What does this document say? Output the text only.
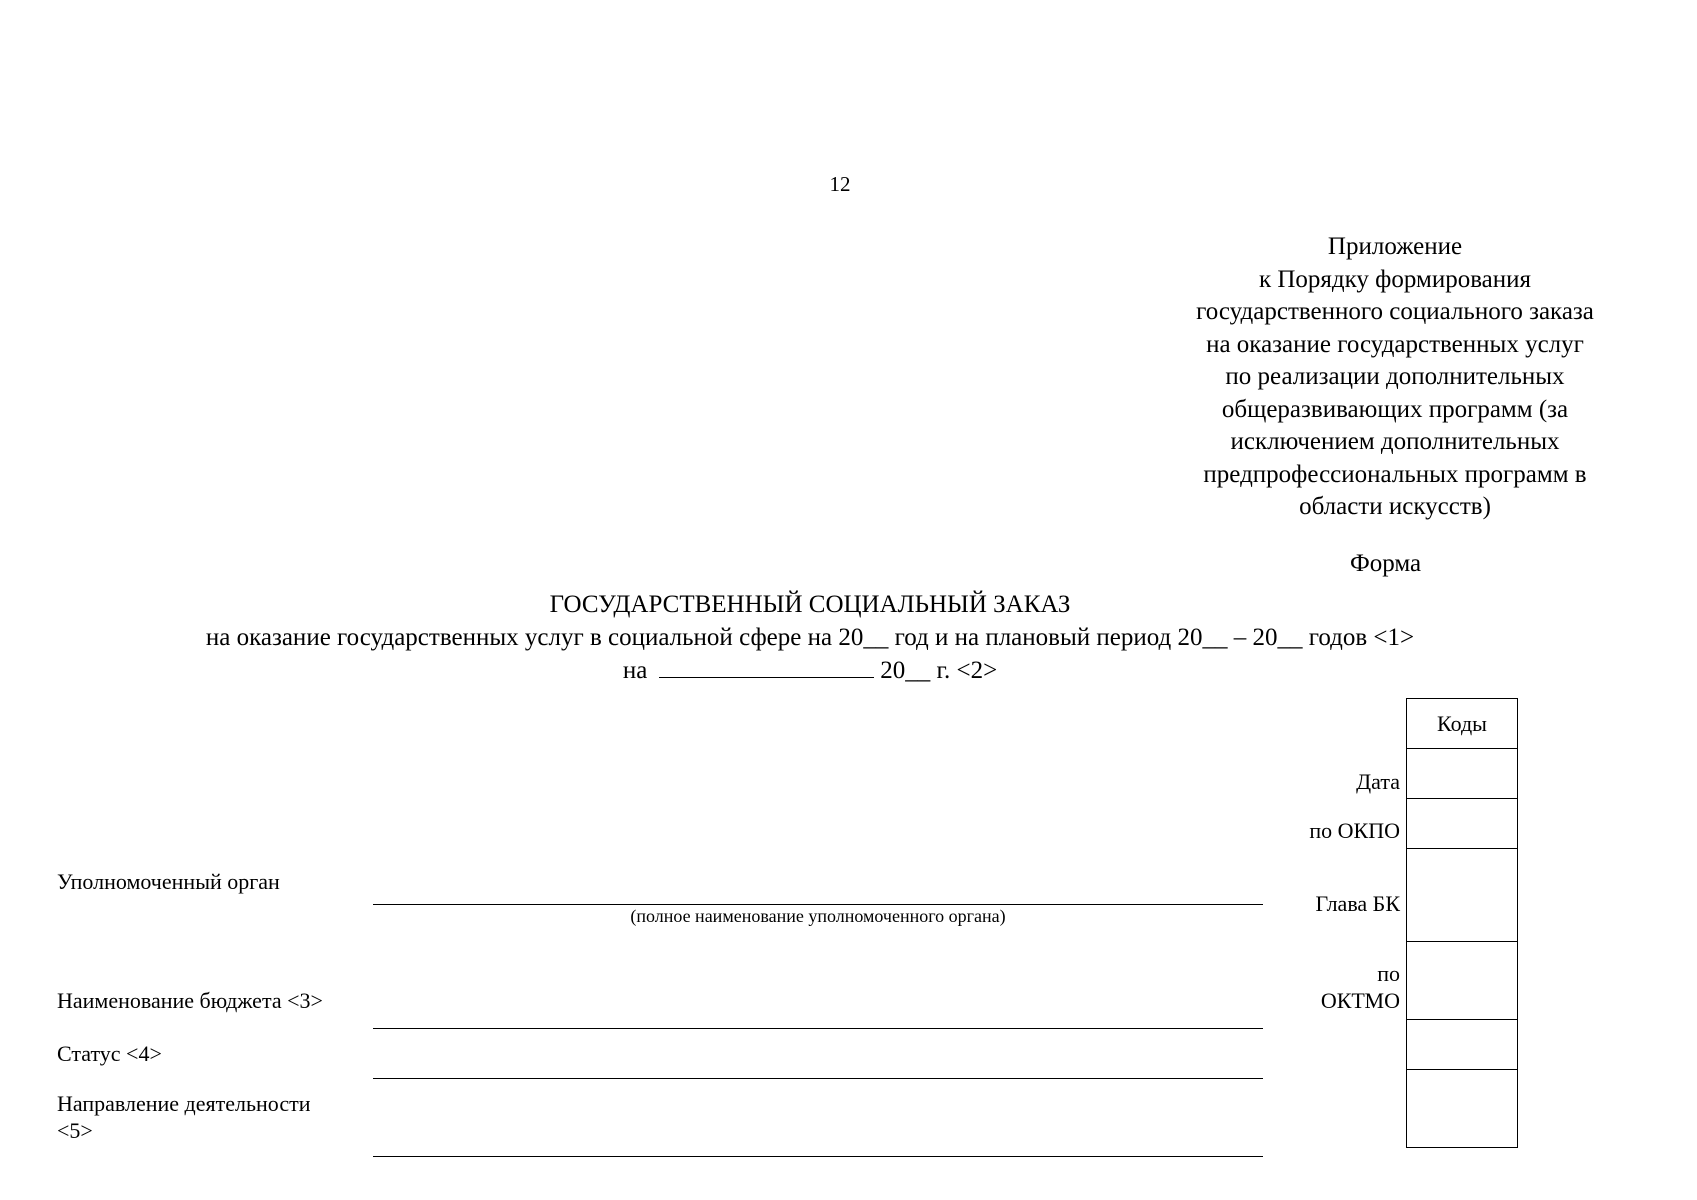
12
Приложение
к Порядку формирования
государственного социального заказа
на оказание государственных услуг
по реализации дополнительных
общеразвивающих программ (за
исключением дополнительных
предпрофессиональных программ в
области искусств)
Форма
ГОСУДАРСТВЕННЫЙ СОЦИАЛЬНЫЙ ЗАКАЗ
на оказание государственных услуг в социальной сфере на 20__ год и на плановый период 20__ – 20__ годов <1>
на	20__ г. <2>
Уполномоченный орган
(полное наименование уполномоченного органа)
Наименование бюджета <3>
Статус <4>
Направление деятельности
<5>
Дата
по ОКПО
Глава БК
по
ОКТМО
Коды
